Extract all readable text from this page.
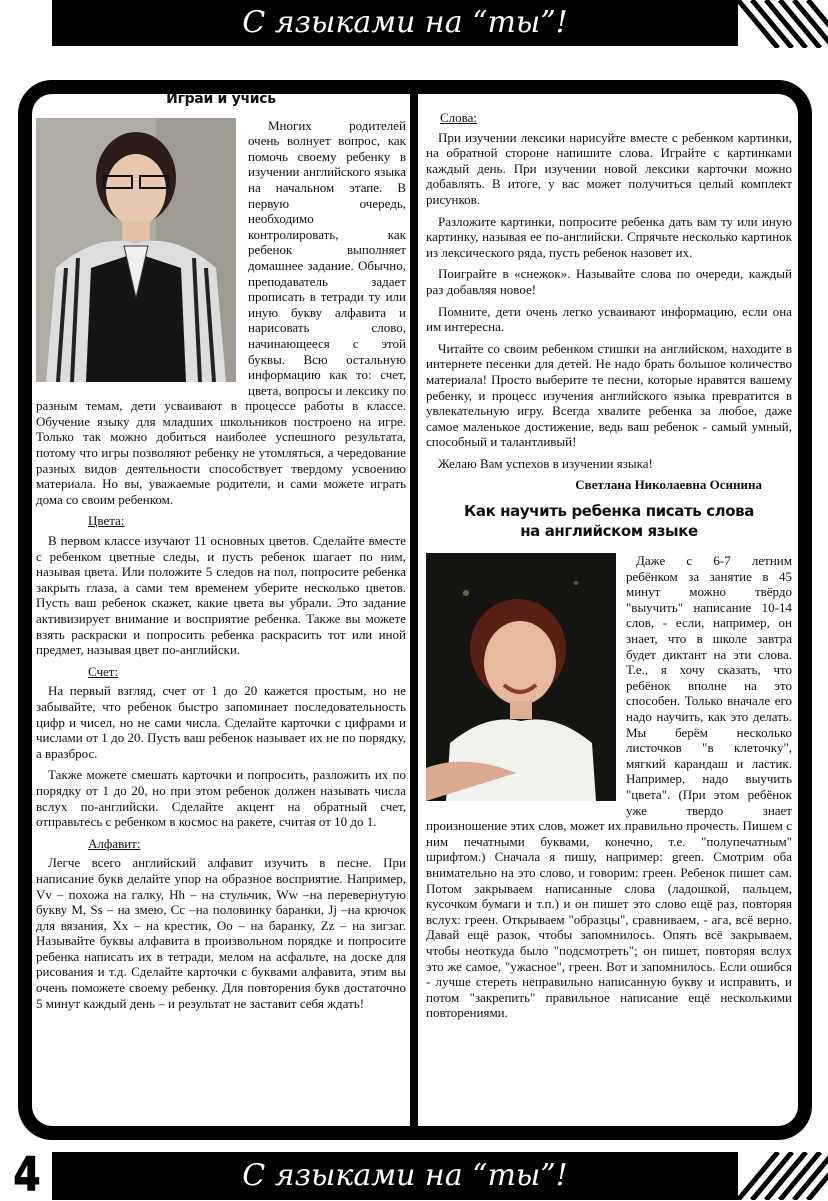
С языками на “ты”!
Играй и учись

Многих родителей очень волнует вопрос, как помочь своему ребенку в изучении английского языка на начальном этапе. В первую очередь, необходимо контролировать, как ребенок выполняет домашнее задание. Обычно, преподаватель задает прописать в тетради ту или иную букву алфавита и нарисовать слово, начинающееся с этой буквы. Всю остальную информацию как то: счет, цвета, вопросы и лексику по разным темам, дети усваивают в процессе работы в классе. Обучение языку для младших школьников построено на игре. Только так можно добиться наиболее успешного результата, потому что игры позволяют ребенку не утомляться, а чередование разных видов деятельности способствует твердому усвоению материала. Но вы, уважаемые родители, и сами можете играть дома со своим ребенком.

Цвета:

В первом классе изучают 11 основных цветов. Сделайте вместе с ребенком цветные следы, и пусть ребенок шагает по ним, называя цвета. Или положите 5 следов на пол, попросите ребенка закрыть глаза, а сами тем временем уберите несколько цветов. Пусть ваш ребенок скажет, какие цвета вы убрали. Это задание активизирует внимание и восприятие ребенка. Также вы можете взять раскраски и попросить ребенка раскрасить тот или иной предмет, называя цвет по-английски.

Счет:

На первый взгляд, счет от 1 до 20 кажется простым, но не забывайте, что ребенок быстро запоминает последовательность цифр и чисел, но не сами числа. Сделайте карточки с цифрами и числами от 1 до 20. Пусть ваш ребенок называет их не по порядку, а вразброс.

Также можете смешать карточки и попросить, разложить их по порядку от 1 до 20, но при этом ребенок должен называть числа вслух по-английски. Сделайте акцент на обратный счет, отправьтесь с ребенком в космос на ракете, считая от 10 до 1.

Алфавит:

Легче всего английский алфавит изучить в песне. При написание букв делайте упор на образное восприятие. Например, Vv – похожа на галку, Hh – на стульчик, Ww –на перевернутую букву М, Ss – на змею, Cc –на половинку баранки, Jj –на крючок для вязания, Xx – на крестик, Oo – на баранку, Zz – на зигзаг. Называйте буквы алфавита в произвольном порядке и попросите ребенка написать их в тетради, мелом на асфальте, на доске для рисования и т.д. Сделайте карточки с буквами алфавита, этим вы очень поможете своему ребенку. Для повторения букв достаточно 5 минут каждый день – и результат не заставит себя ждать!

Слова:

При изучении лексики нарисуйте вместе с ребенком картинки, на обратной стороне напишите слова. Играйте с картинками каждый день. При изучении новой лексики карточки можно добавлять. В итоге, у вас может получиться целый комплект рисунков.

Разложите картинки, попросите ребенка дать вам ту или иную картинку, называя ее по-английски. Спрячьте несколько картинок из лексического ряда, пусть ребенок назовет их.

Поиграйте в «снежок». Называйте слова по очереди, каждый раз добавляя новое!

Помните, дети очень легко усваивают информацию, если она им интересна.

Читайте со своим ребенком стишки на английском, находите в интернете песенки для детей. Не надо брать большое количество материала! Просто выберите те песни, которые нравятся вашему ребенку, и процесс изучения английского языка превратится в увлекательную игру. Всегда хвалите ребенка за любое, даже самое маленькое достижение, ведь ваш ребенок - самый умный, способный и талантливый!

Желаю Вам успехов в изучении языка!

Светлана Николаевна Осинина

Как научить ребенка писать слова
на английском языке

Даже с 6-7 летним ребёнком за занятие в 45 минут можно твёрдо "выучить" написание 10-14 слов, - если, например, он знает, что в школе завтра будет диктант на эти слова. Т.е., я хочу сказать, что ребёнок вполне на это способен. Только вначале его надо научить, как это делать. Мы берём несколько листочков "в клеточку", мягкий карандаш и ластик. Например, надо выучить "цвета". (При этом ребёнок уже твердо знает произношение этих слов, может их правильно прочесть. Пишем с ним печатными буквами, конечно, т.е. "полупечатным" шрифтом.) Сначала я пишу, например: green. Смотрим оба внимательно на это слово, и говорим: греен. Ребенок пишет сам. Потом закрываем написанные слова (ладошкой, пальцем, кусочком бумаги и т.п.) и он пишет это слово ещё раз, повторяя вслух: греен. Открываем "образцы", сравниваем, - ага, всё верно. Давай ещё разок, чтобы запомнилось. Опять всё закрываем, чтобы неоткуда было "подсмотреть"; он пишет, повторяя вслух это же самое, "ужасное", греен. Вот и запомнилось. Если ошибся - лучше стереть неправильно написанную букву и исправить, и потом "закрепить" правильное написание ещё несколькими повторениями.

4	С языками на “ты”!
